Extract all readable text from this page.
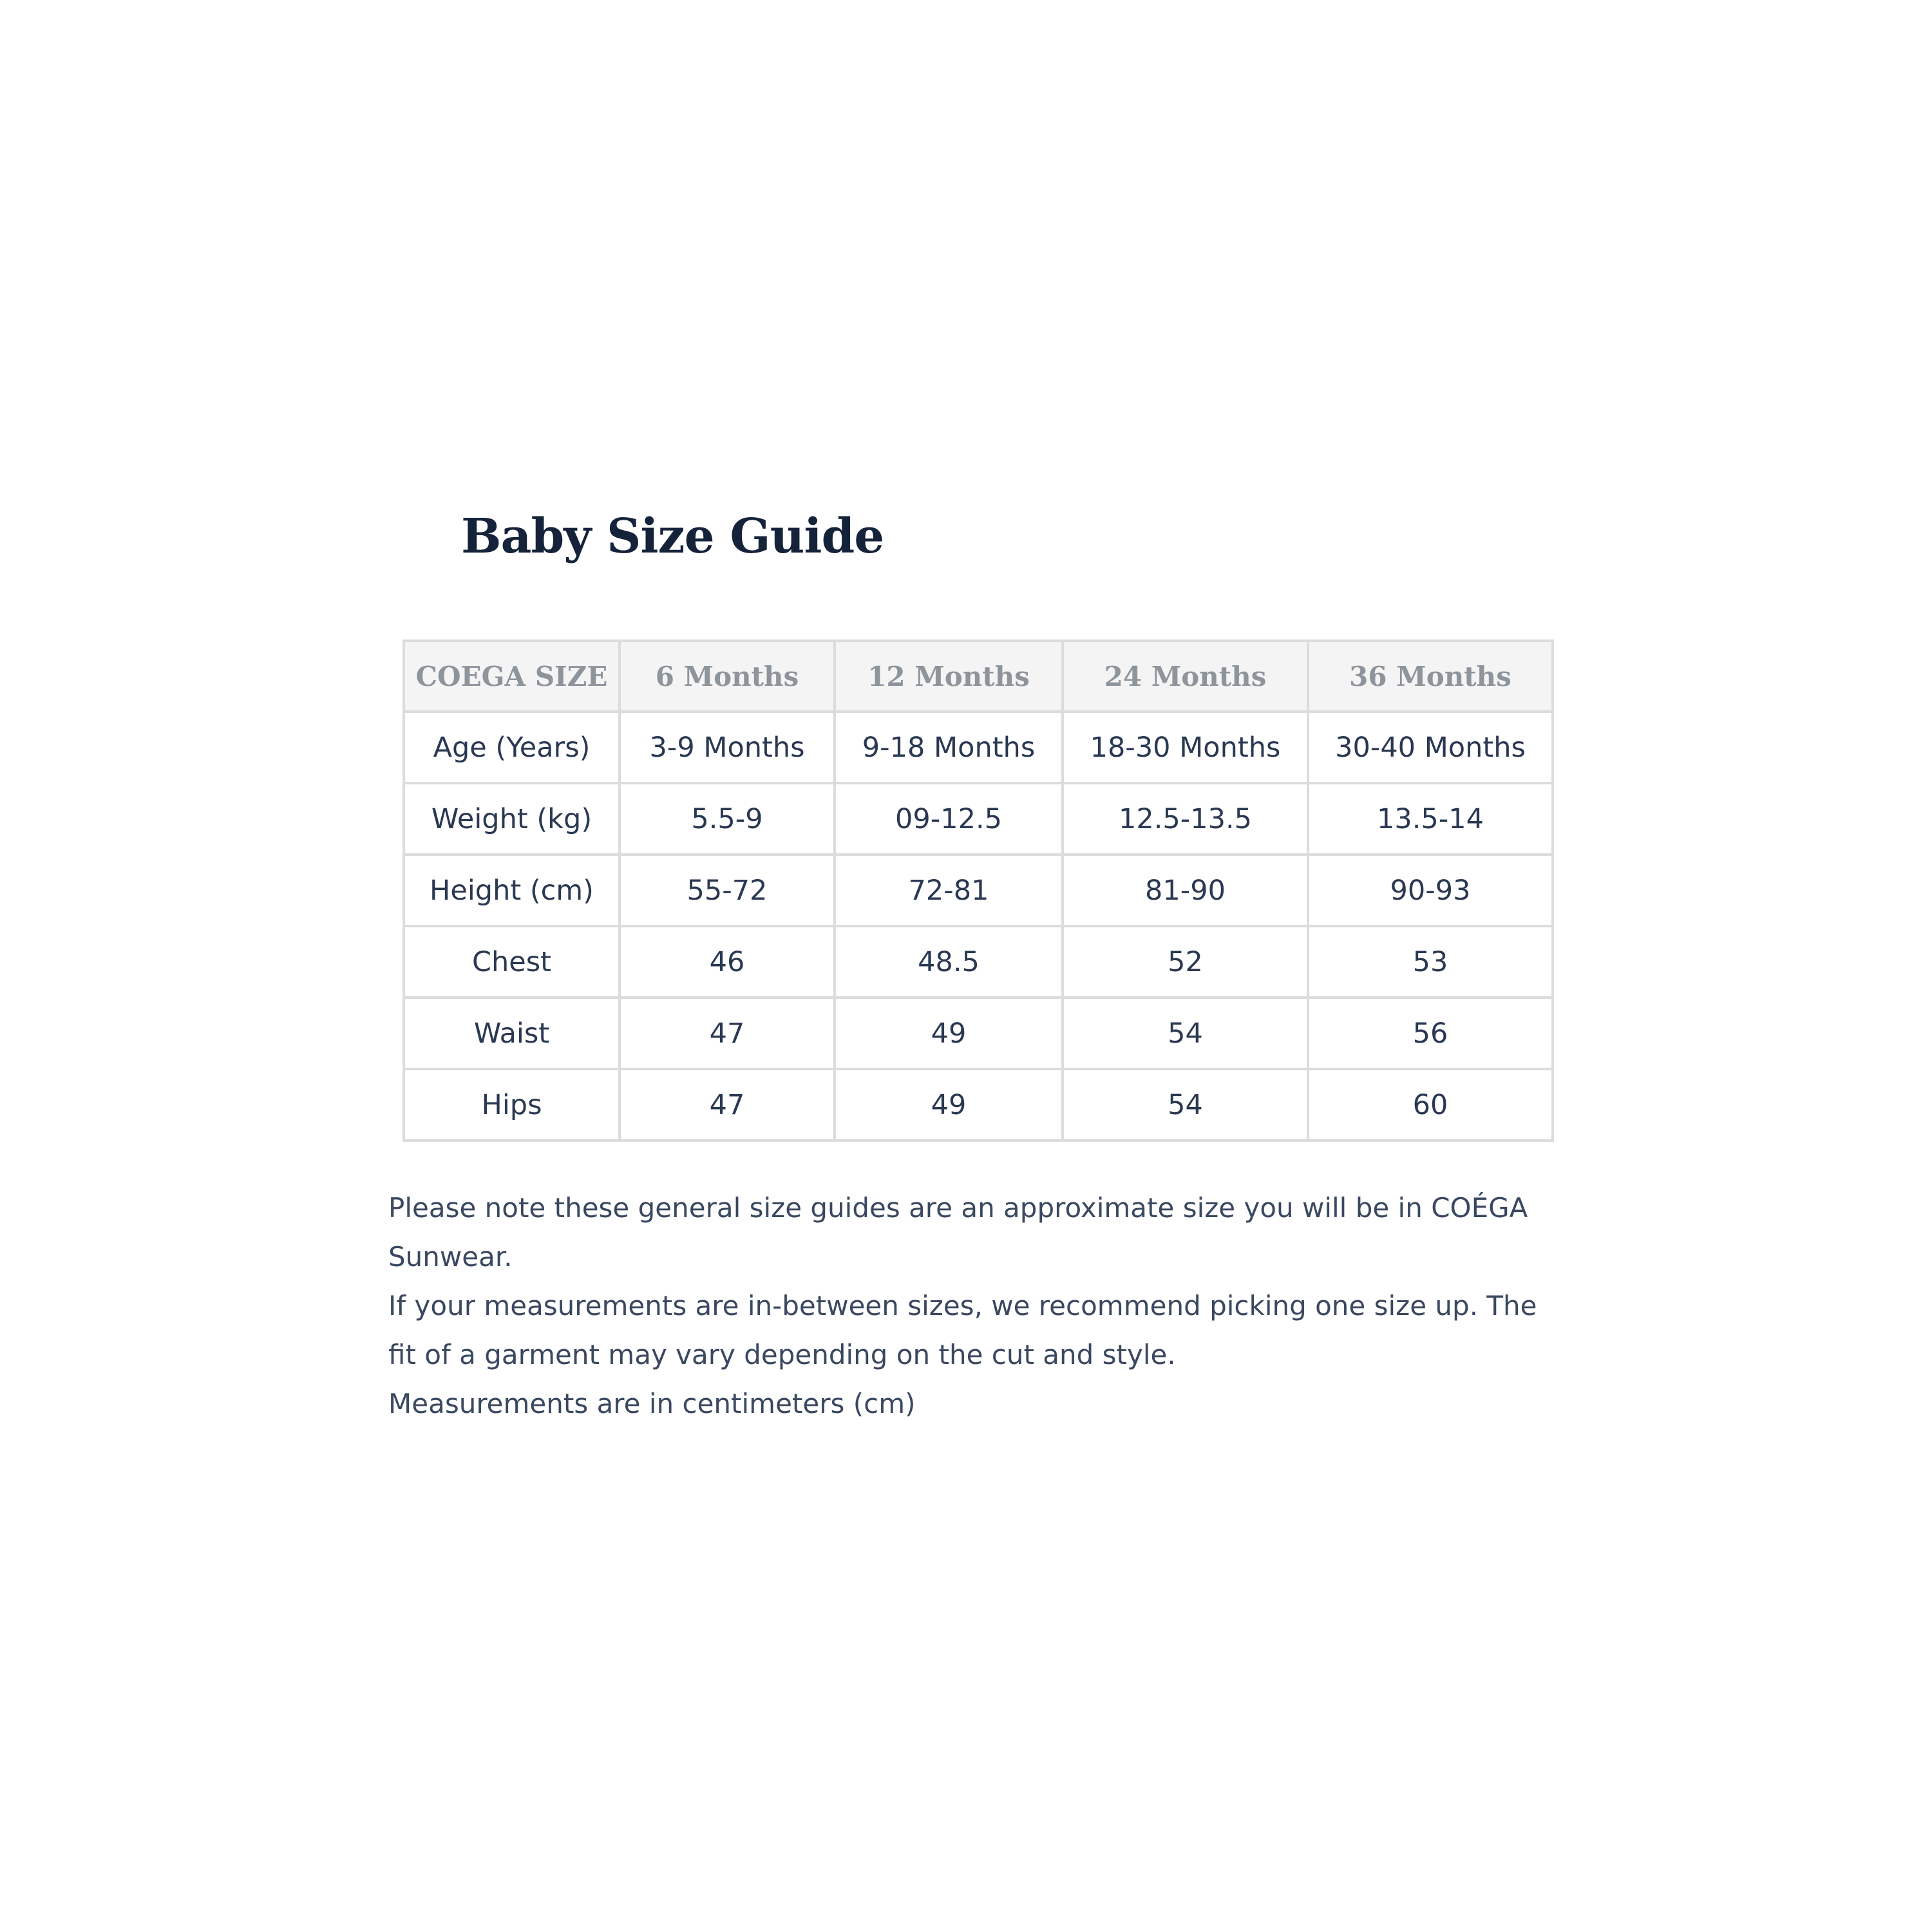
Baby Size Guide
COEGA SIZE	6 Months	12 Months	24 Months	36 Months
Age (Years)	3-9 Months	9-18 Months	18-30 Months	30-40 Months
Weight (kg)	5.5-9	09-12.5	12.5-13.5	13.5-14
Height (cm)	55-72	72-81	81-90	90-93
Chest	46	48.5	52	53
Waist	47	49	54	56
Hips	47	49	54	60

Please note these general size guides are an approximate size you will be in COÉGA Sunwear.

If your measurements are in-between sizes, we recommend picking one size up. The fit of a garment may vary depending on the cut and style.

Measurements are in centimeters (cm)
